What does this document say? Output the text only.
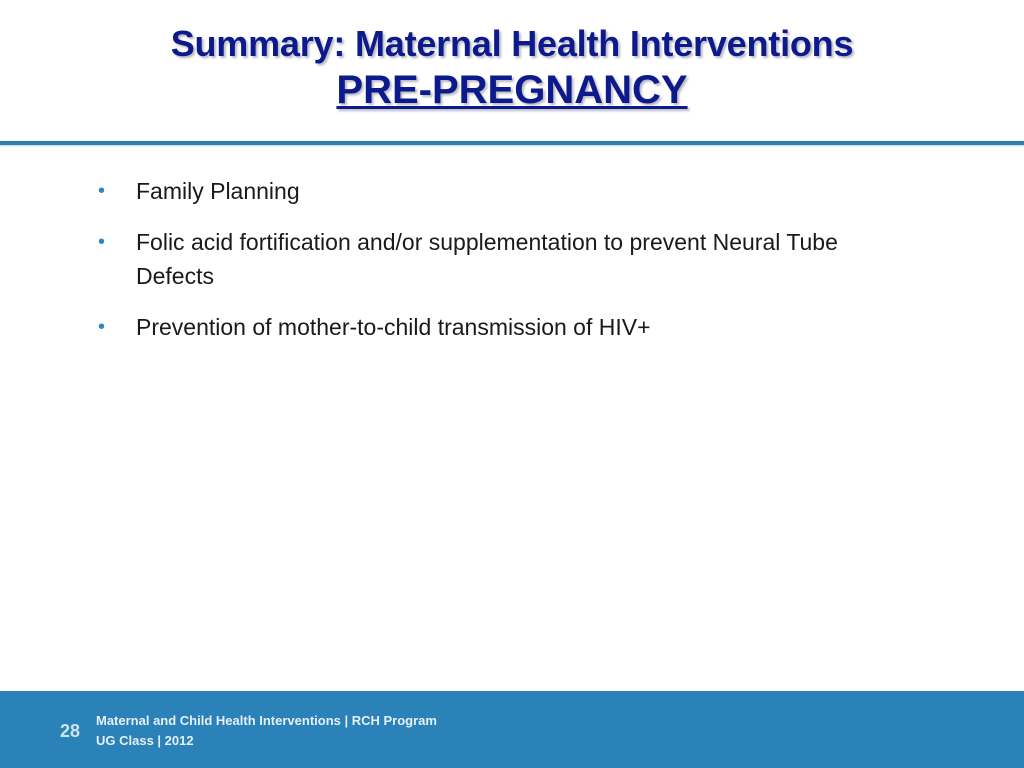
Summary: Maternal Health Interventions

PRE-PREGNANCY

• Family Planning
• Folic acid fortification and/or supplementation to prevent Neural Tube Defects
• Prevention of mother-to-child transmission of HIV+
28
Maternal and Child Health Interventions | RCH Program
UG Class | 2012
